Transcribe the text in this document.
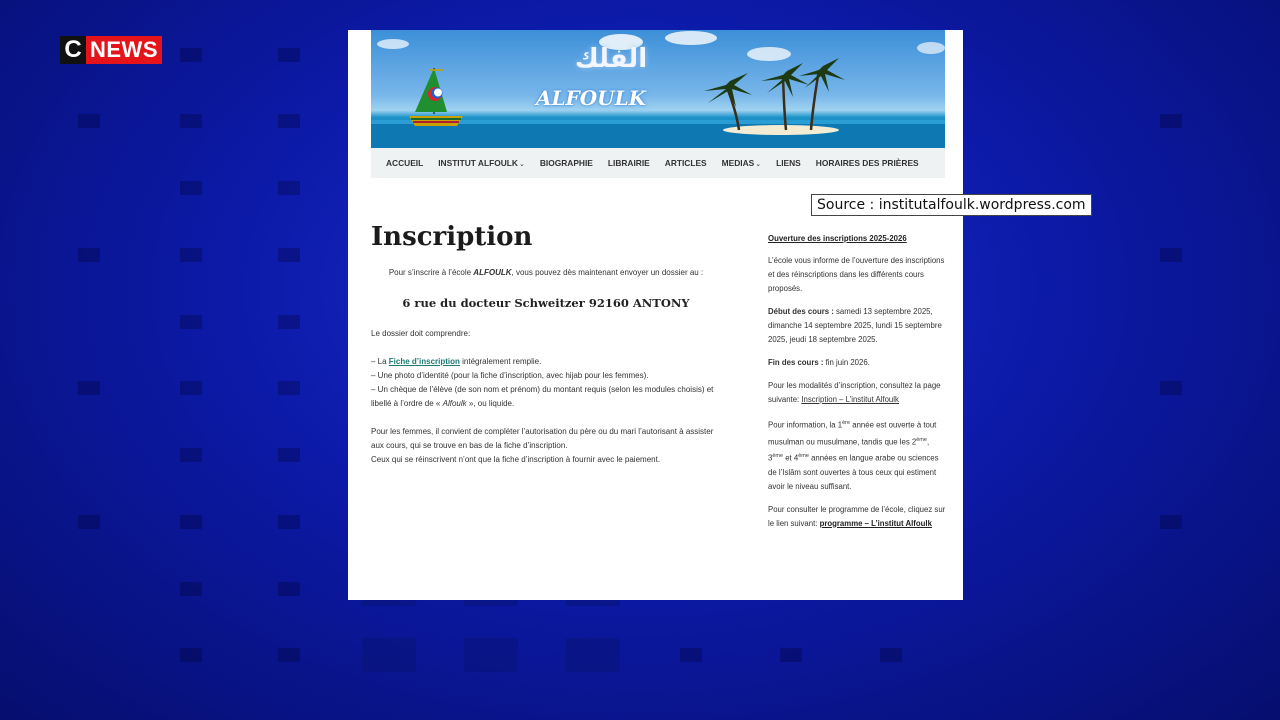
C NEWS	الفلك
ALFOULK
ACCUEIL INSTITUT ALFOULK⌄ BIOGRAPHIE LIBRAIRIE ARTICLES MEDIAS⌄ LIENS HORAIRES DES PRIÈRES
Inscription
Pour s’inscrire à l’école ALFOULK, vous pouvez dès maintenant envoyer un dossier au :
6 rue du docteur Schweitzer 92160 ANTONY

Le dossier doit comprendre:

– La Fiche d’inscription intégralement remplie.
– Une photo d’identité (pour la fiche d’inscription, avec hijab pour les femmes).
– Un chèque de l’élève (de son nom et prénom) du montant requis (selon les modules choisis) et libellé à l’ordre de « Alfoulk », ou liquide.

Pour les femmes, il convient de compléter l’autorisation du père ou du mari l’autorisant à assister aux cours, qui se trouve en bas de la fiche d’inscription.
Ceux qui se réinscrivent n’ont que la fiche d’inscription à fournir avec le paiement.

Ouverture des inscriptions 2025-2026

L’école vous informe de l’ouverture des inscriptions et des réinscriptions dans les différents cours proposés.

Début des cours : samedi 13 septembre 2025, dimanche 14 septembre 2025, lundi 15 septembre 2025, jeudi 18 septembre 2025.

Fin des cours : fin juin 2026.

Pour les modalités d’inscription, consultez la page suivante: Inscription – L’institut Alfoulk

Pour information, la 1ère année est ouverte à tout musulman ou musulmane, tandis que les 2ème, 3ème et 4ème années en langue arabe ou sciences de l’Islâm sont ouvertes à tous ceux qui estiment avoir le niveau suffisant.

Pour consulter le programme de l’école, cliquez sur le lien suivant: programme – L’institut Alfoulk

Source : institutalfoulk.wordpress.com
